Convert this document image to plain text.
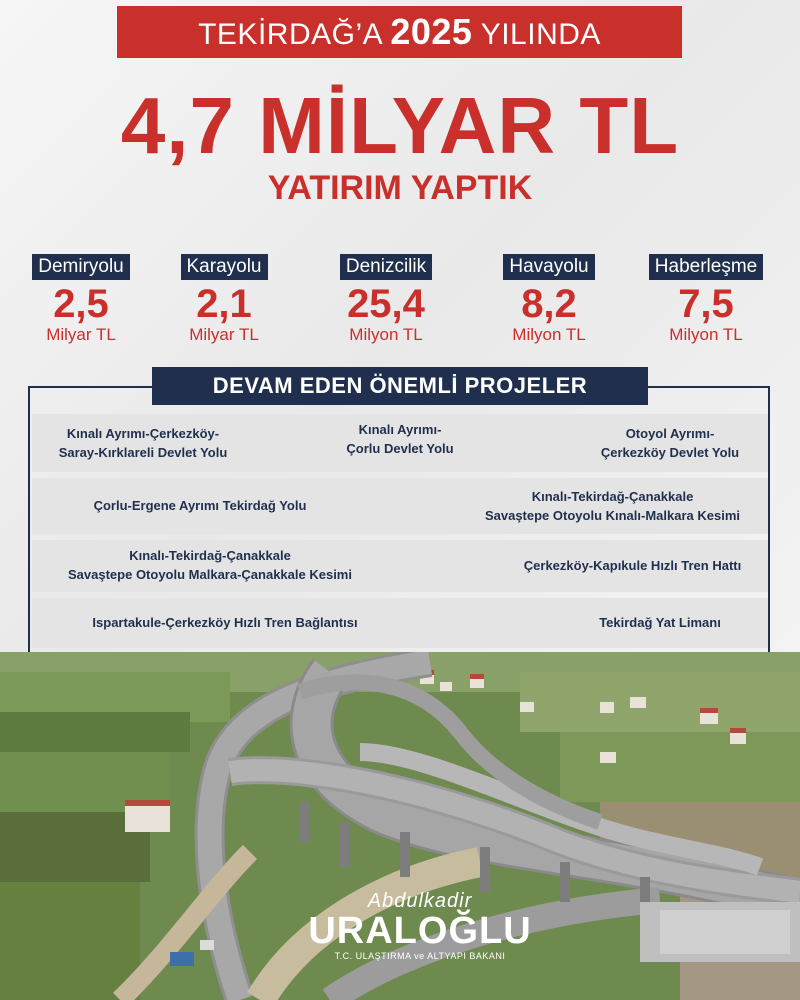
TEKİRDAĞ’A 2025 YILINDA
4,7 MİLYAR TL
YATIRIM YAPTIK
Demiryolu
2,5
Milyar TL
Karayolu
2,1
Milyar TL
Denizcilik
25,4
Milyon TL
Havayolu
8,2
Milyon TL
Haberleşme
7,5
Milyon TL
DEVAM EDEN ÖNEMLİ PROJELER
Kınalı Ayrımı-Çerkezköy-
Saray-Kırklareli Devlet Yolu
Kınalı Ayrımı-
Çorlu Devlet Yolu
Otoyol Ayrımı-
Çerkezköy Devlet Yolu
Çorlu-Ergene Ayrımı Tekirdağ Yolu
Kınalı-Tekirdağ-Çanakkale
Savaştepe Otoyolu Kınalı-Malkara Kesimi
Kınalı-Tekirdağ-Çanakkale
Savaştepe Otoyolu Malkara-Çanakkale Kesimi
Çerkezköy-Kapıkule Hızlı Tren Hattı
Ispartakule-Çerkezköy Hızlı Tren Bağlantısı	Tekirdağ Yat Limanı
Abdulkadir
URALOĞLU
T.C. ULAŞTIRMA ve ALTYAPI BAKANI
